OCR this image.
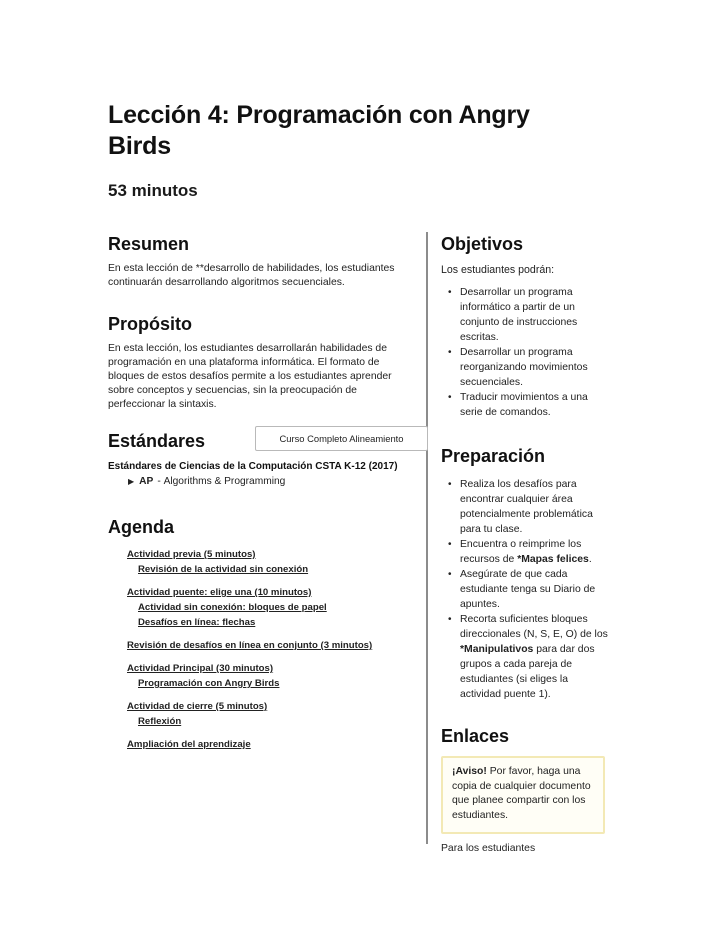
Lección 4: Programación con Angry Birds
53 minutos
Resumen

En esta lección de **desarrollo de habilidades, los estudiantes continuarán desarrollando algoritmos secuenciales.

Propósito

En esta lección, los estudiantes desarrollarán habilidades de programación en una plataforma informática. El formato de bloques de estos desafíos permite a los estudiantes aprender sobre conceptos y secuencias, sin la preocupación de perfeccionar la sintaxis.

Estándares	Curso Completo Alineamiento
Estándares de Ciencias de la Computación CSTA K-12 (2017)
▶ AP -
Algorithms & Programming
Agenda
Actividad previa (5 minutos)
Revisión de la actividad sin conexión
Actividad puente: elige una (10 minutos)
Actividad sin conexión: bloques de papel
Desafíos en línea: flechas
Revisión de desafíos en línea en conjunto (3 minutos)
Actividad Principal (30 minutos)
Programación con Angry Birds
Actividad de cierre (5 minutos)
Reflexión
Ampliación del aprendizaje
Objetivos
Los estudiantes podrán:
• Desarrollar un programa informático a partir de un conjunto de instrucciones escritas.
• Desarrollar un programa reorganizando movimientos secuenciales.
• Traducir movimientos a una serie de comandos.
Preparación
• Realiza los desafíos para encontrar cualquier área potencialmente problemática para tu clase.
• Encuentra o reimprime los recursos de *Mapas felices.
• Asegúrate de que cada estudiante tenga su Diario de apuntes.
• Recorta suficientes bloques direccionales (N, S, E, O) de los *Manipulativos para dar dos grupos a cada pareja de estudiantes (si eliges la actividad puente 1).
Enlaces
¡Aviso! Por favor, haga una copia de cualquier documento que planee compartir con los estudiantes.
Para los estudiantes
